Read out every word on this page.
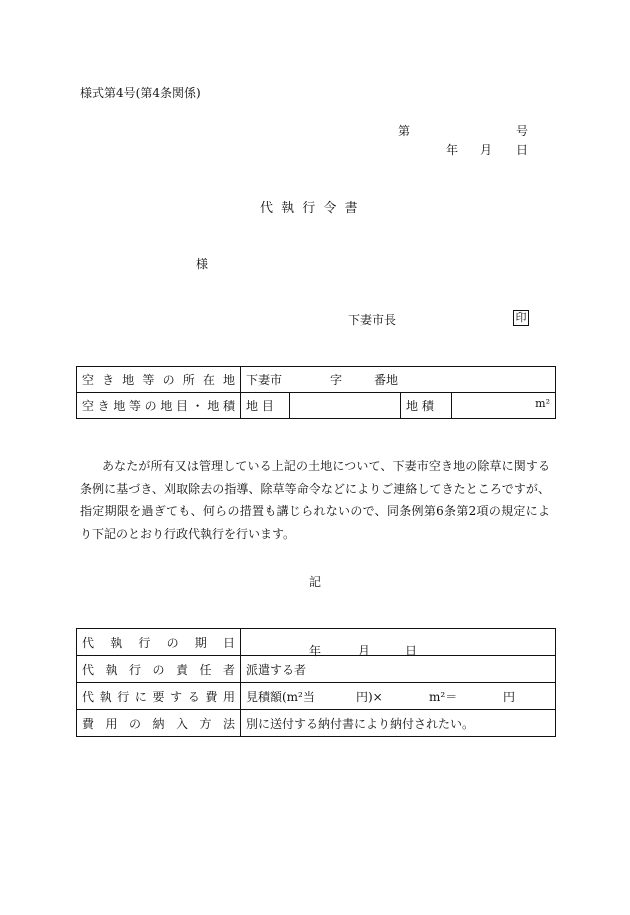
様式第4号(第4条関係)
第	号
年 月 日
代 執 行 令 書
様
下妻市長	印
空き地等の所在地	下妻市 字 番地		

空き地等の地目・地積	地 目		地 積 m²
あなたが所有又は管理している上記の土地について、下妻市空き地の除草に関する条例に基づき、刈取除去の指導、除草等命令などによりご連絡してきたところですが、指定期限を過ぎても、何らの措置も講じられないので、同条例第6条第2項の規定により下記のとおり行政代執行を行います。
記
代執行の期日	年 月 日

代執行の責任者	派遣する者
代執行に要する費用	見積額(m²当 円)× m²＝ 円

費用の納入方法	別に送付する納付書により納付されたい。
